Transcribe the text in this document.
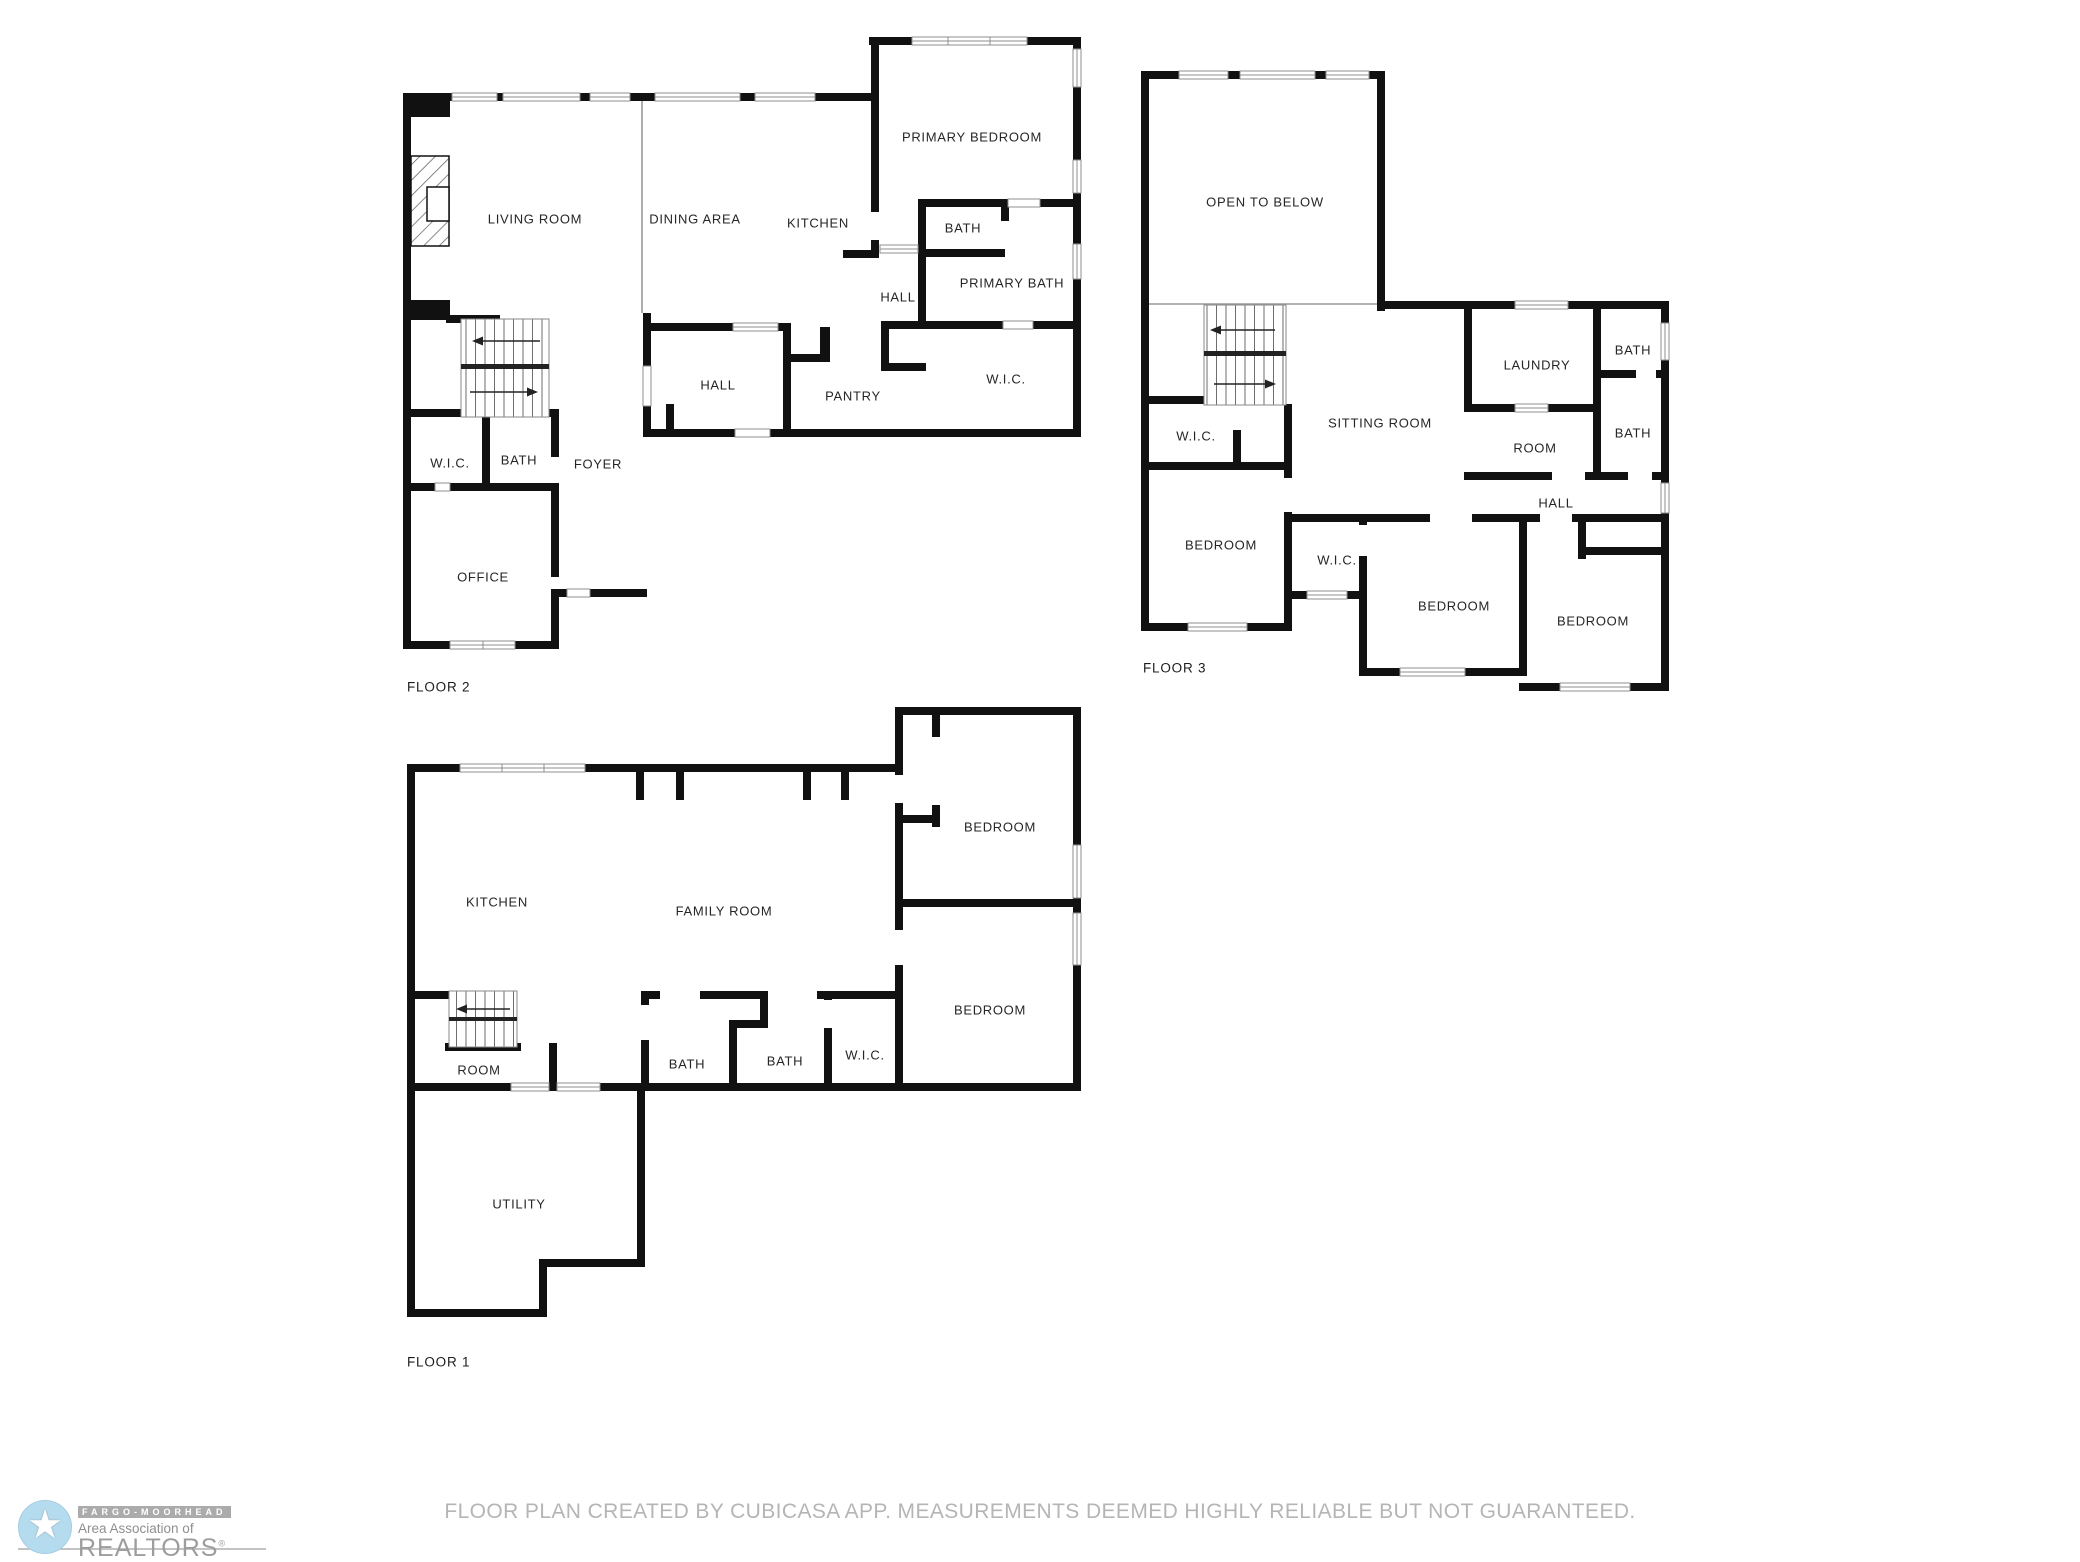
LIVING ROOM	DINING AREA	KITCHEN
PRIMARY BEDROOM
BATH
PRIMARY BATH
HALL
HALL
PANTRY
W.I.C.
FOYER
BATH
W.I.C.
OFFICE
FLOOR 2
OPEN TO BELOW
LAUNDRY
BATH
SITTING ROOM
ROOM
BATH
W.I.C.
HALL
BEDROOM
W.I.C.
BEDROOM
BEDROOM
FLOOR 3
KITCHEN
FAMILY ROOM
BEDROOM
BEDROOM
ROOM	BATH	BATH	W.I.C.
UTILITY
FLOOR 1
★	FARGO-MOORHEAD
Area Association of
REALTORS®
FLOOR PLAN CREATED BY CUBICASA APP. MEASUREMENTS DEEMED HIGHLY RELIABLE BUT NOT GUARANTEED.
